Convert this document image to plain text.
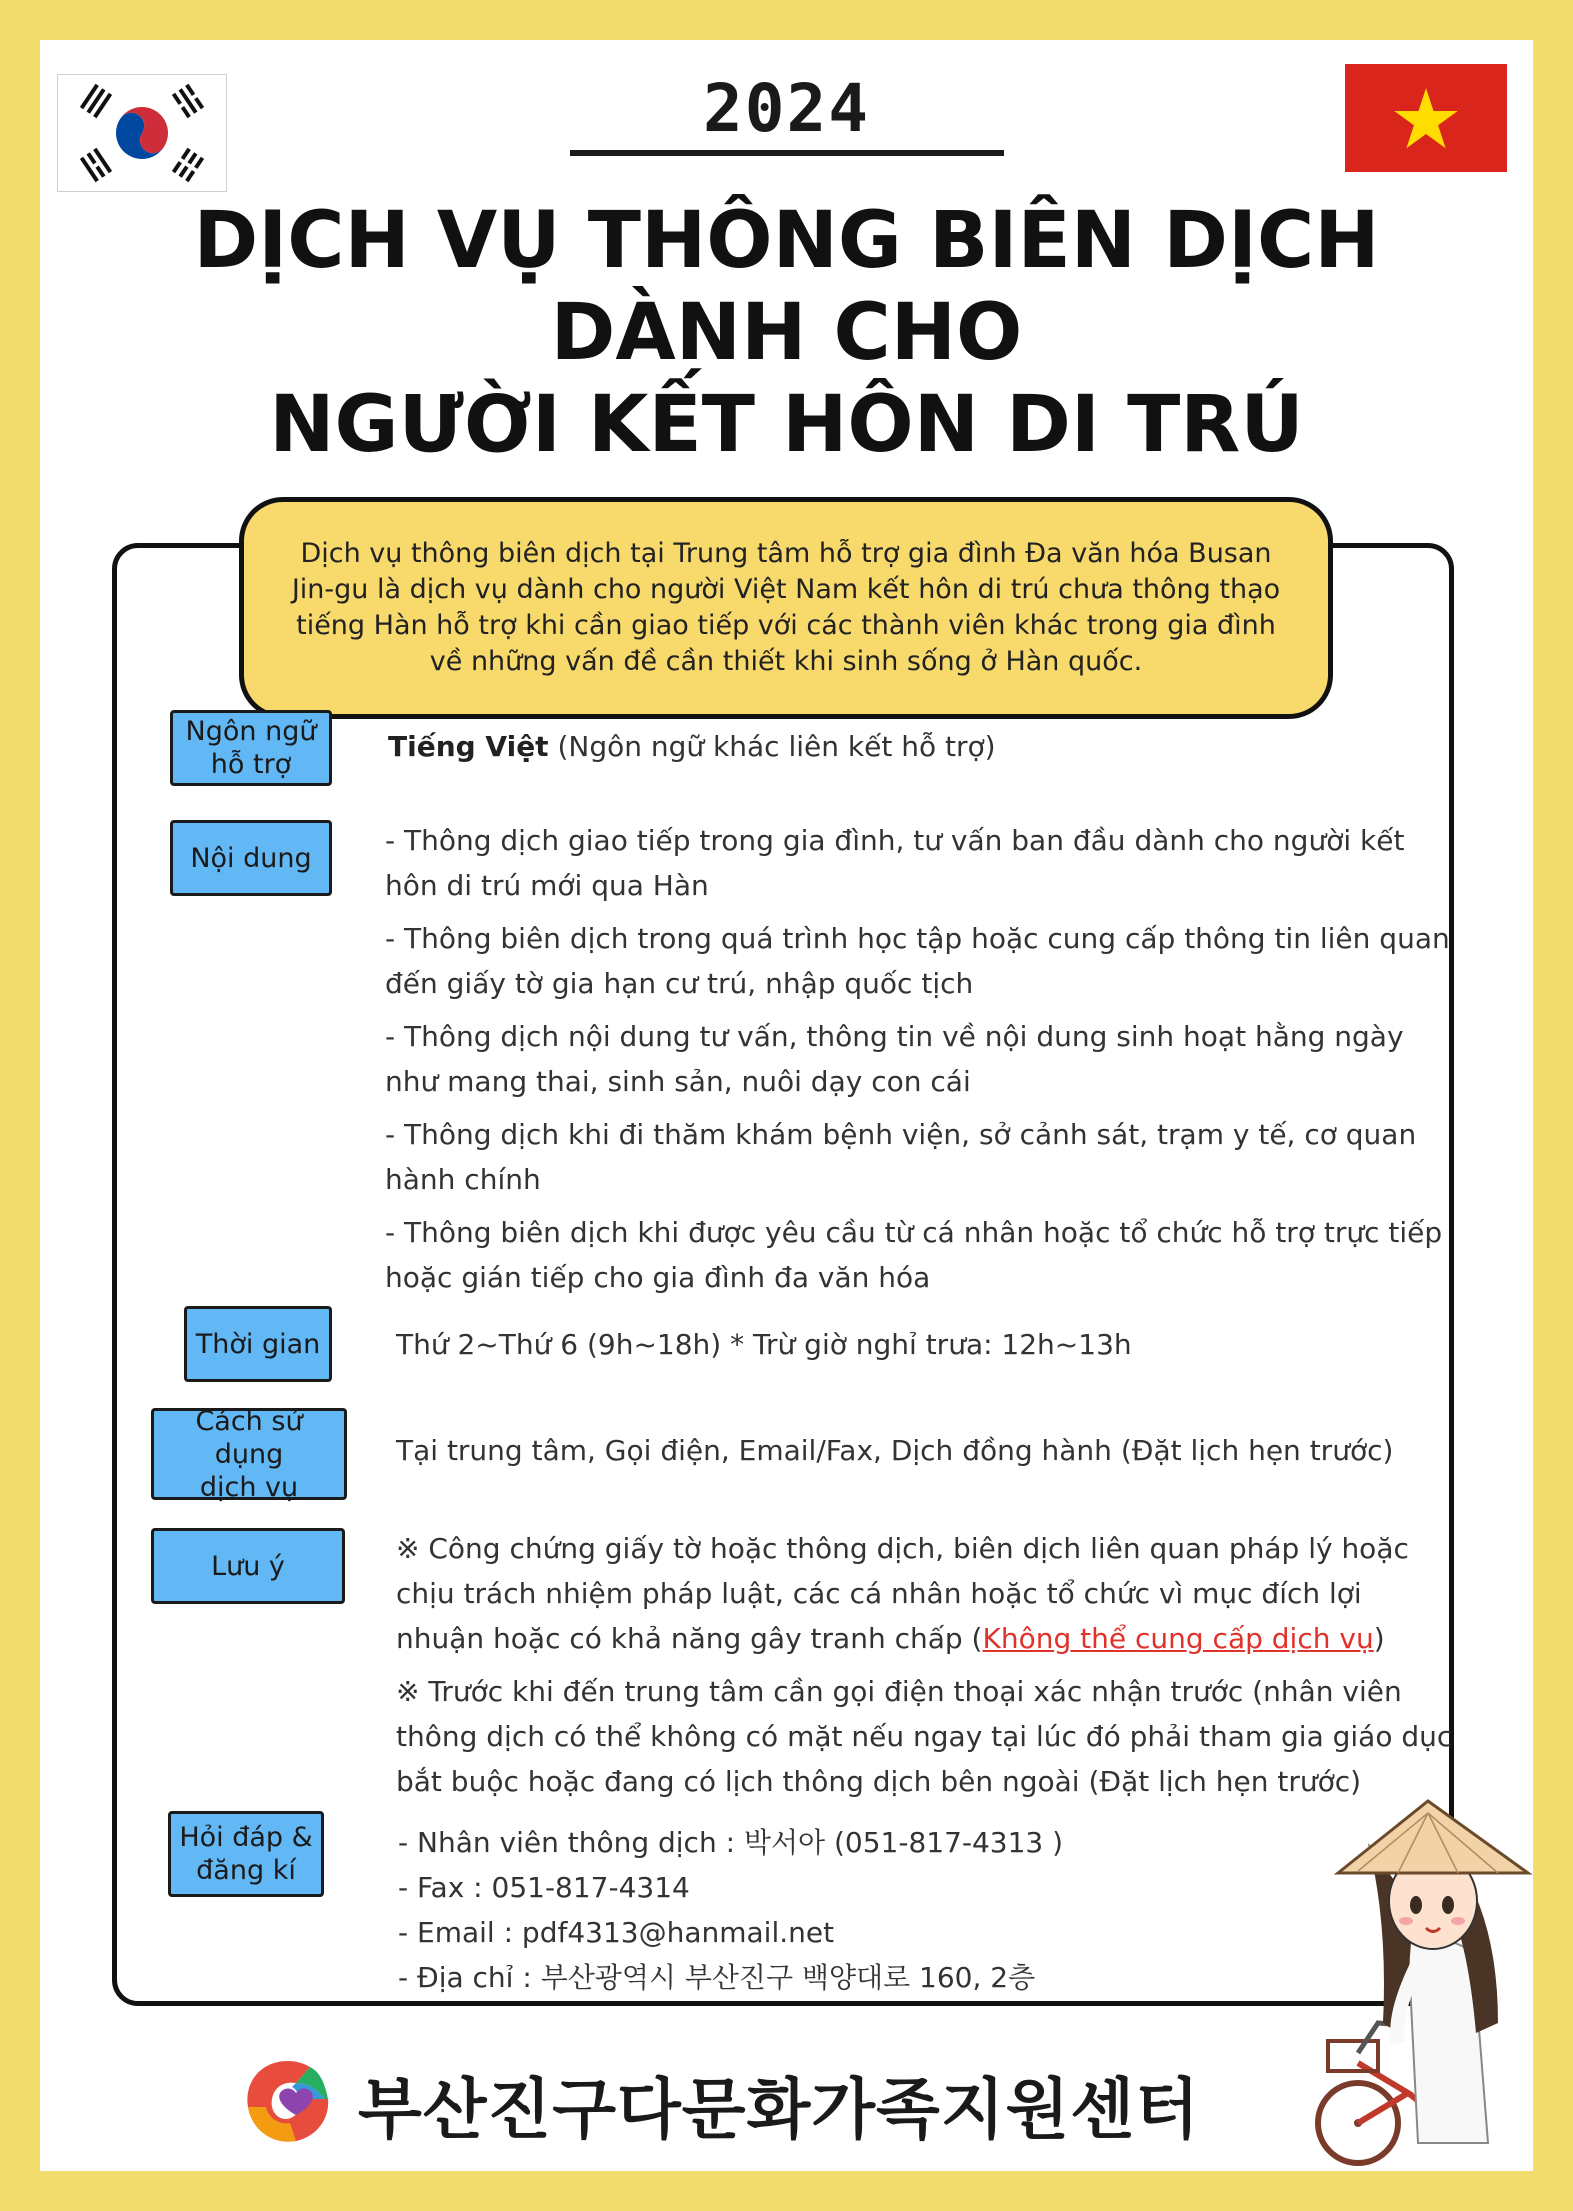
2024
DỊCH VỤ THÔNG BIÊN DỊCH
DÀNH CHO
NGƯỜI KẾT HÔN DI TRÚ
Dịch vụ thông biên dịch tại Trung tâm hỗ trợ gia đình Đa văn hóa Busan
Jin-gu là dịch vụ dành cho người Việt Nam kết hôn di trú chưa thông thạo
tiếng Hàn hỗ trợ khi cần giao tiếp với các thành viên khác trong gia đình
về những vấn đề cần thiết khi sinh sống ở Hàn quốc.
Ngôn ngữ
hỗ trợ
Tiếng Việt (Ngôn ngữ khác liên kết hỗ trợ)
Nội dung

- Thông dịch giao tiếp trong gia đình, tư vấn ban đầu dành cho người kết hôn di trú mới qua Hàn

- Thông biên dịch trong quá trình học tập hoặc cung cấp thông tin liên quan đến giấy tờ gia hạn cư trú, nhập quốc tịch

- Thông dịch nội dung tư vấn, thông tin về nội dung sinh hoạt hằng ngày như mang thai, sinh sản, nuôi dạy con cái

- Thông dịch khi đi thăm khám bệnh viện, sở cảnh sát, trạm y tế, cơ quan hành chính

- Thông biên dịch khi được yêu cầu từ cá nhân hoặc tổ chức hỗ trợ trực tiếp hoặc gián tiếp cho gia đình đa văn hóa

Thời gian	Thứ 2~Thứ 6 (9h~18h) * Trừ giờ nghỉ trưa: 12h~13h
Cách sử dụng
dịch vụ
Tại trung tâm, Gọi điện, Email/Fax, Dịch đồng hành (Đặt lịch hẹn trước)
Lưu ý

※ Công chứng giấy tờ hoặc thông dịch, biên dịch liên quan pháp lý hoặc chịu trách nhiệm pháp luật, các cá nhân hoặc tổ chức vì mục đích lợi nhuận hoặc có khả năng gây tranh chấp (Không thể cung cấp dịch vụ)

※ Trước khi đến trung tâm cần gọi điện thoại xác nhận trước (nhân viên thông dịch có thể không có mặt nếu ngay tại lúc đó phải tham gia giáo dục bắt buộc hoặc đang có lịch thông dịch bên ngoài (Đặt lịch hẹn trước)

Hỏi đáp &
đăng kí
- Nhân viên thông dịch : 박서아 (051-817-4313 )
- Fax : 051-817-4314
- Email : pdf4313@hanmail.net
- Địa chỉ : 부산광역시 부산진구 백양대로 160, 2층
부산진구다문화가족지원센터
